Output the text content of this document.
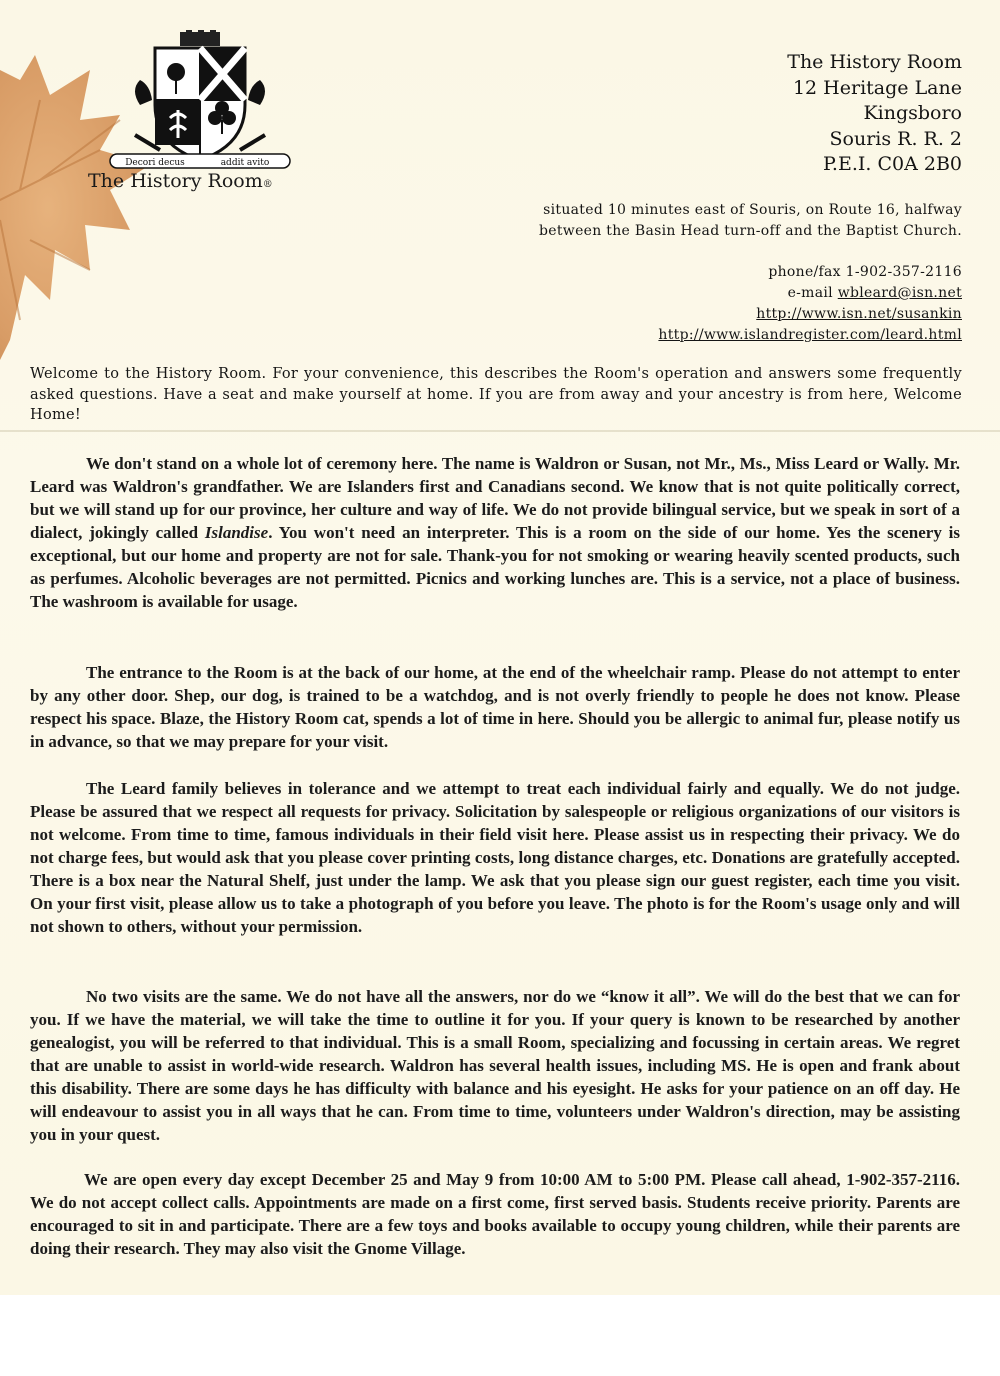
Decori decus	addit avito
The History Room®
The History Room
12 Heritage Lane
Kingsboro
Souris R. R. 2
P.E.I. C0A 2B0
situated 10 minutes east of Souris, on Route 16, halfway
between the Basin Head turn-off and the Baptist Church.
phone/fax 1-902-357-2116
e-mail wbleard@isn.net
http://www.isn.net/susankin
http://www.islandregister.com/leard.html
Welcome to the History Room. For your convenience, this describes the Room's operation and answers some frequently asked questions. Have a seat and make yourself at home. If you are from away and your ancestry is from here, Welcome Home!
We don't stand on a whole lot of ceremony here. The name is Waldron or Susan, not Mr., Ms., Miss Leard or Wally. Mr. Leard was Waldron's grandfather. We are Islanders first and Canadians second. We know that is not quite politically correct, but we will stand up for our province, her culture and way of life. We do not provide bilingual service, but we speak in sort of a dialect, jokingly called Islandise. You won't need an interpreter. This is a room on the side of our home. Yes the scenery is exceptional, but our home and property are not for sale. Thank-you for not smoking or wearing heavily scented products, such as perfumes. Alcoholic beverages are not permitted. Picnics and working lunches are. This is a service, not a place of business. The washroom is available for usage.
The entrance to the Room is at the back of our home, at the end of the wheelchair ramp. Please do not attempt to enter by any other door. Shep, our dog, is trained to be a watchdog, and is not overly friendly to people he does not know. Please respect his space. Blaze, the History Room cat, spends a lot of time in here. Should you be allergic to animal fur, please notify us in advance, so that we may prepare for your visit.
The Leard family believes in tolerance and we attempt to treat each individual fairly and equally. We do not judge. Please be assured that we respect all requests for privacy. Solicitation by salespeople or religious organizations of our visitors is not welcome. From time to time, famous individuals in their field visit here. Please assist us in respecting their privacy. We do not charge fees, but would ask that you please cover printing costs, long distance charges, etc. Donations are gratefully accepted. There is a box near the Natural Shelf, just under the lamp. We ask that you please sign our guest register, each time you visit. On your first visit, please allow us to take a photograph of you before you leave. The photo is for the Room's usage only and will not shown to others, without your permission.
No two visits are the same. We do not have all the answers, nor do we “know it all”. We will do the best that we can for you. If we have the material, we will take the time to outline it for you. If your query is known to be researched by another genealogist, you will be referred to that individual. This is a small Room, specializing and focussing in certain areas. We regret that are unable to assist in world-wide research. Waldron has several health issues, including MS. He is open and frank about this disability. There are some days he has difficulty with balance and his eyesight. He asks for your patience on an off day. He will endeavour to assist you in all ways that he can. From time to time, volunteers under Waldron's direction, may be assisting you in your quest.
We are open every day except December 25 and May 9 from 10:00 AM to 5:00 PM. Please call ahead, 1-902-357-2116. We do not accept collect calls. Appointments are made on a first come, first served basis. Students receive priority. Parents are encouraged to sit in and participate. There are a few toys and books available to occupy young children, while their parents are doing their research. They may also visit the Gnome Village.
